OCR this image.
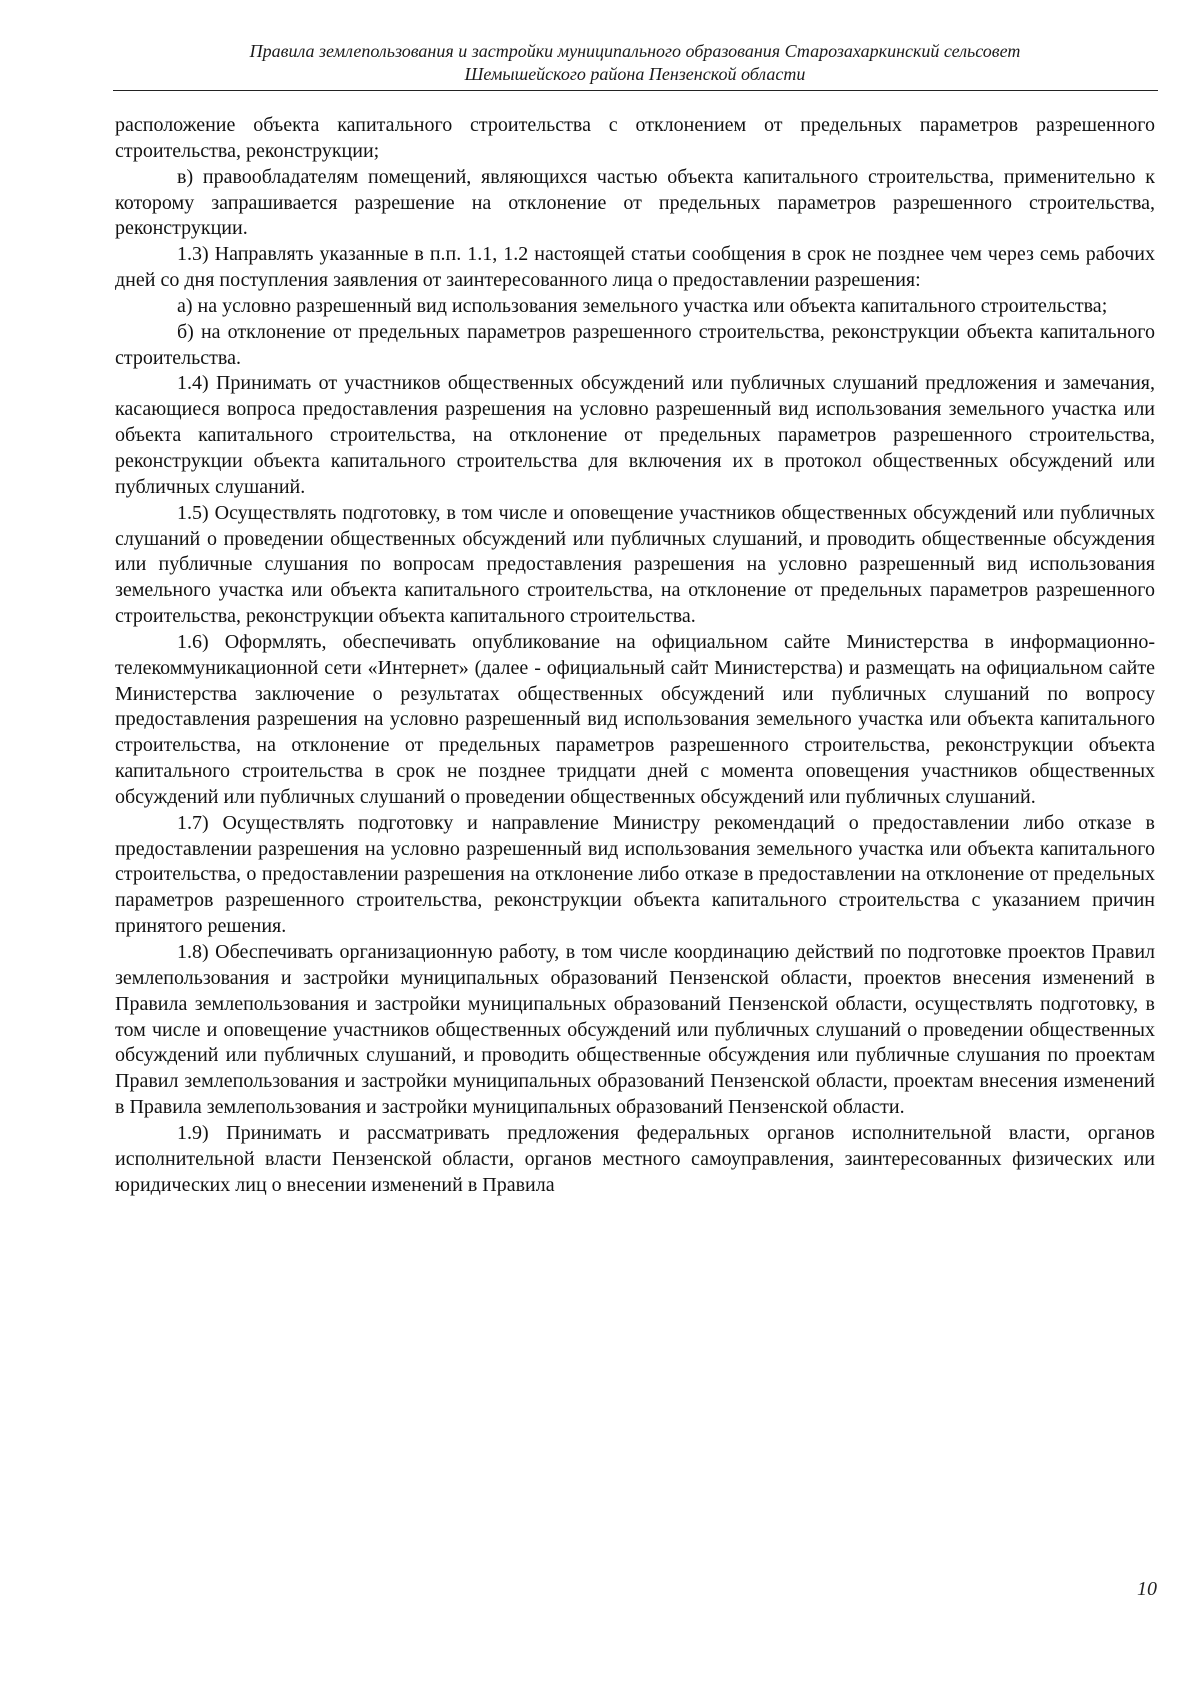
Правила землепользования и застройки муниципального образования Старозахаркинский сельсовет
Шемышейского района Пензенской области

расположение объекта капитального строительства с отклонением от предельных параметров разрешенного строительства, реконструкции;

в) правообладателям помещений, являющихся частью объекта капитального строительства, применительно к которому запрашивается разрешение на отклонение от предельных параметров разрешенного строительства, реконструкции.

1.3) Направлять указанные в п.п. 1.1, 1.2 настоящей статьи сообщения в срок не позднее чем через семь рабочих дней со дня поступления заявления от заинтересованного лица о предоставлении разрешения:

а) на условно разрешенный вид использования земельного участка или объекта капитального строительства;

б) на отклонение от предельных параметров разрешенного строительства, реконструкции объекта капитального строительства.

1.4) Принимать от участников общественных обсуждений или публичных слушаний предложения и замечания, касающиеся вопроса предоставления разрешения на условно разрешенный вид использования земельного участка или объекта капитального строительства, на отклонение от предельных параметров разрешенного строительства, реконструкции объекта капитального строительства для включения их в протокол общественных обсуждений или публичных слушаний.

1.5) Осуществлять подготовку, в том числе и оповещение участников общественных обсуждений или публичных слушаний о проведении общественных обсуждений или публичных слушаний, и проводить общественные обсуждения или публичные слушания по вопросам предоставления разрешения на условно разрешенный вид использования земельного участка или объекта капитального строительства, на отклонение от предельных параметров разрешенного строительства, реконструкции объекта капитального строительства.

1.6) Оформлять, обеспечивать опубликование на официальном сайте Министерства в информационно-телекоммуникационной сети «Интернет» (далее - официальный сайт Министерства) и размещать на официальном сайте Министерства заключение о результатах общественных обсуждений или публичных слушаний по вопросу предоставления разрешения на условно разрешенный вид использования земельного участка или объекта капитального строительства, на отклонение от предельных параметров разрешенного строительства, реконструкции объекта капитального строительства в срок не позднее тридцати дней с момента оповещения участников общественных обсуждений или публичных слушаний о проведении общественных обсуждений или публичных слушаний.

1.7) Осуществлять подготовку и направление Министру рекомендаций о предоставлении либо отказе в предоставлении разрешения на условно разрешенный вид использования земельного участка или объекта капитального строительства, о предоставлении разрешения на отклонение либо отказе в предоставлении на отклонение от предельных параметров разрешенного строительства, реконструкции объекта капитального строительства с указанием причин принятого решения.

1.8) Обеспечивать организационную работу, в том числе координацию действий по подготовке проектов Правил землепользования и застройки муниципальных образований Пензенской области, проектов внесения изменений в Правила землепользования и застройки муниципальных образований Пензенской области, осуществлять подготовку, в том числе и оповещение участников общественных обсуждений или публичных слушаний о проведении общественных обсуждений или публичных слушаний, и проводить общественные обсуждения или публичные слушания по проектам Правил землепользования и застройки муниципальных образований Пензенской области, проектам внесения изменений в Правила землепользования и застройки муниципальных образований Пензенской области.

1.9) Принимать и рассматривать предложения федеральных органов исполнительной власти, органов исполнительной власти Пензенской области, органов местного самоуправления, заинтересованных физических или юридических лиц о внесении изменений в Правила

10
